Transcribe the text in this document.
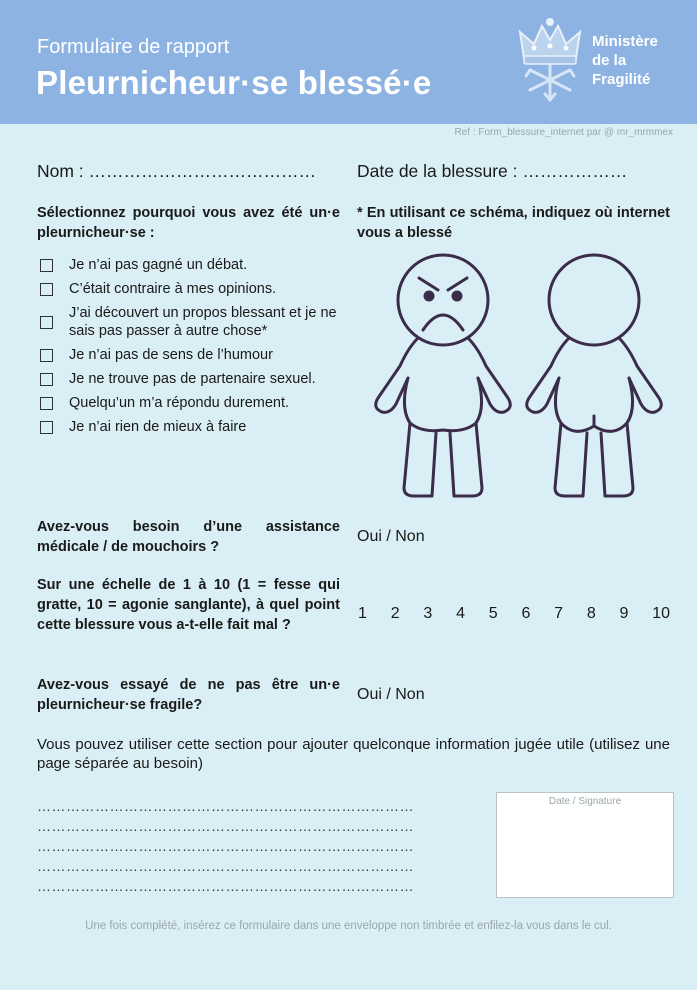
Formulaire de rapport
Pleurnicheur·se blessé·e
Ministère
de la
Fragilité
Ref : Form_blessure_internet par @ mr_mrmmex
Nom : ………………………………… Date de la blessure : ………………
Sélectionnez pourquoi vous avez été un·e pleurnicheur·se :
* En utilisant ce schéma, indiquez où internet vous a blessé
Je n’ai pas gagné un débat.
C’était contraire à mes opinions.
J’ai découvert un propos blessant et je ne sais pas passer à autre chose*
Je n’ai pas de sens de l’humour
Je ne trouve pas de partenaire sexuel.
Quelqu’un m’a répondu durement.
Je n’ai rien de mieux à faire
Avez-vous besoin d’une assistance médicale / de mouchoirs ?
Oui / Non
Sur une échelle de 1 à 10 (1 = fesse qui gratte, 10 = agonie sanglante), à quel point cette blessure vous a-t-elle fait mal ?
1 2 3 4 5 6 7 8 9 10
Avez-vous essayé de ne pas être un·e pleurnicheur·se fragile?
Oui / Non
Vous pouvez utiliser cette section pour ajouter quelconque information jugée utile (utilisez une page séparée au besoin)
……………………………………………………………………
……………………………………………………………………
……………………………………………………………………
……………………………………………………………………
……………………………………………………………………
Date / Signature
Une fois complété, insérez ce formulaire dans une enveloppe non timbrée et enfilez-la vous dans le cul.
